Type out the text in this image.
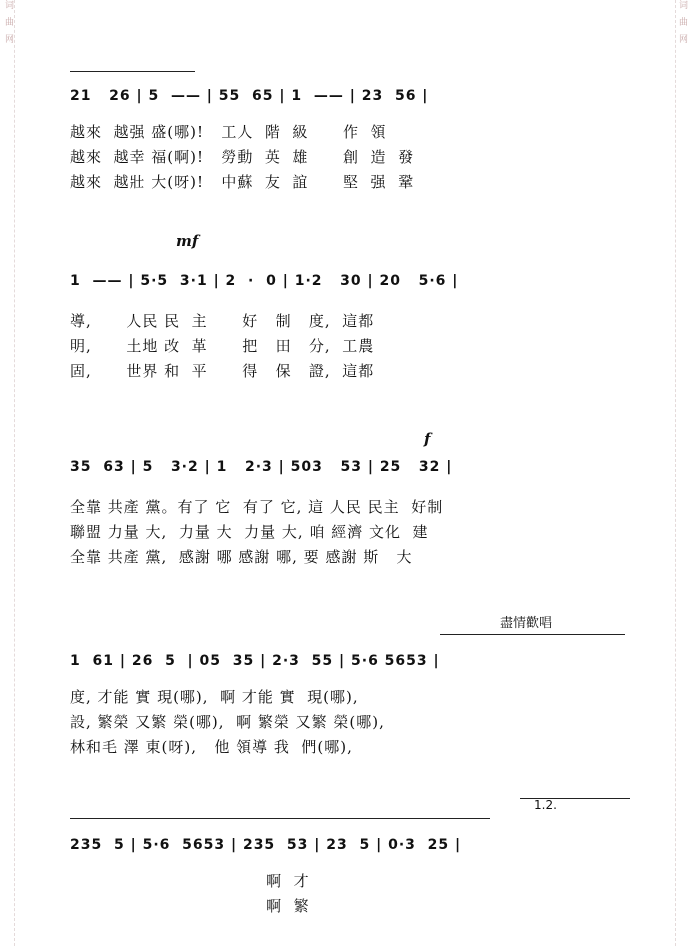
词曲网	词曲网
21   26 | 5  —— | 55  65 | 1  —— | 23  56 |
越來  越强 盛(哪)!   工人  階  級      作  領
越來  越幸 福(啊)!   勞動  英  雄      創  造  發
越來  越壯 大(呀)!   中蘇  友  誼      堅  强  鞏
mf
1  —— | 5·5  3·1 | 2  ·  0 | 1·2   30 | 20   5·6 |
導,      人民 民  主      好   制   度,  這都
明,      土地 改  革      把   田   分,  工農
固,      世界 和  平      得   保   證,  這都
f
35  63 | 5   3·2 | 1   2·3 | 503   53 | 25   32 |
全靠 共產 黨。有了 它  有了 它, 這 人民 民主  好制
聯盟 力量 大,  力量 大  力量 大, 咱 經濟 文化  建
全靠 共產 黨,  感謝 哪 感謝 哪, 要 感謝 斯   大
盡情歡唱
1  61 | 26  5  | 05  35 | 2·3  55 | 5·6 5653 |
度, 才能 實 現(哪),  啊 才能 實  現(哪),
設, 繁榮 又繁 榮(哪),  啊 繁榮 又繁 榮(哪),
林和毛 澤 東(呀),   他 領導 我  們(哪),
1.2.
235  5 | 5·6  5653 | 235  53 | 23  5 | 0·3  25 |
啊  才
啊  繁
